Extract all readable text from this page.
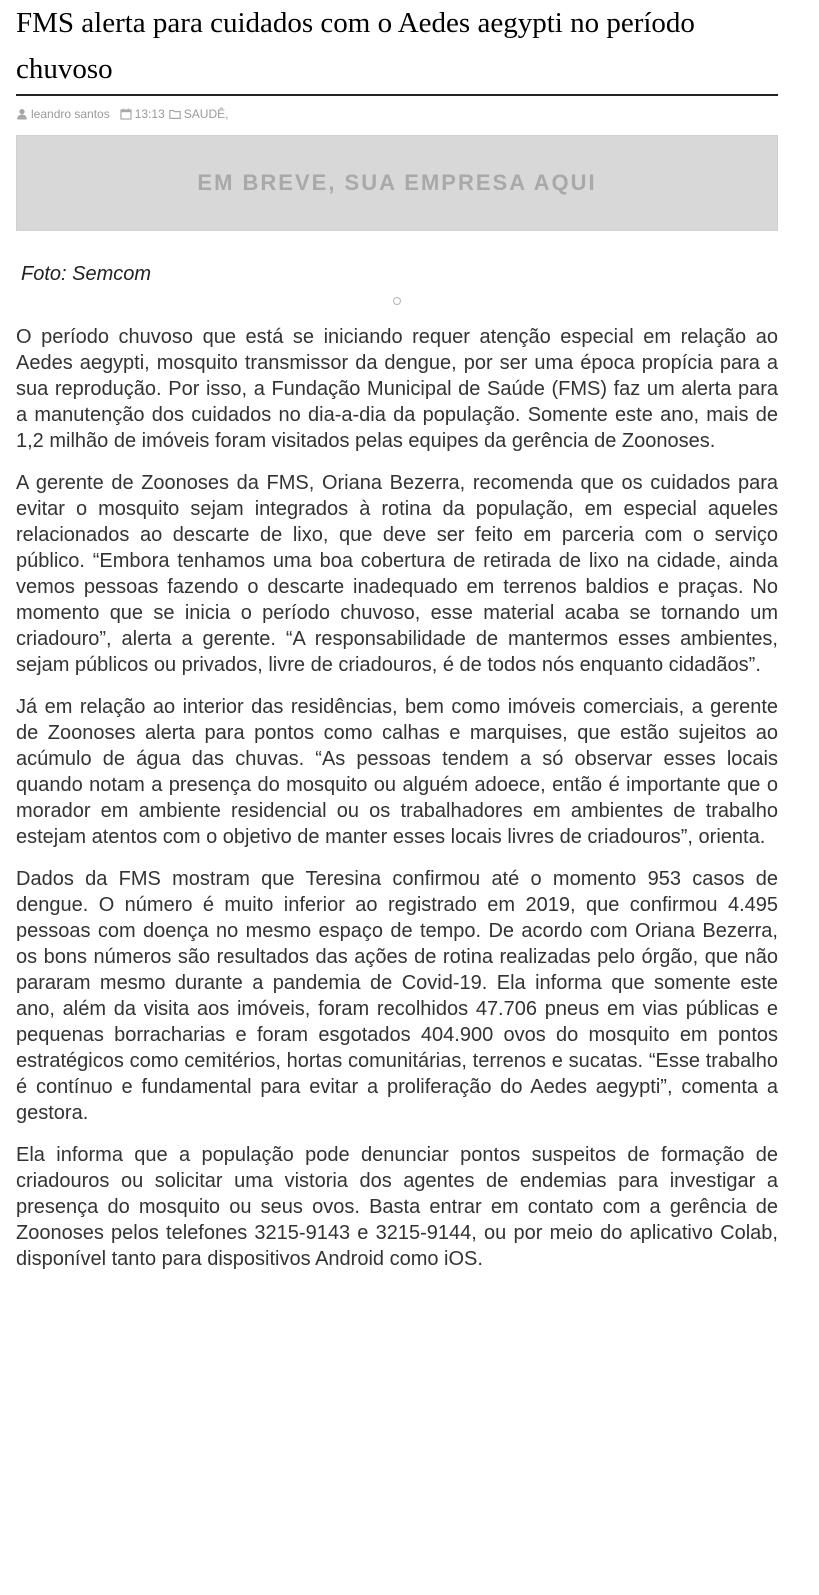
FMS alerta para cuidados com o Aedes aegypti no período chuvoso
leandro santos 13:13 SAUDÊ,
EM BREVE, SUA EMPRESA AQUI
Foto: Semcom

O período chuvoso que está se iniciando requer atenção especial em relação ao Aedes aegypti, mosquito transmissor da dengue, por ser uma época propícia para a sua reprodução. Por isso, a Fundação Municipal de Saúde (FMS) faz um alerta para a manutenção dos cuidados no dia-a-dia da população. Somente este ano, mais de 1,2 milhão de imóveis foram visitados pelas equipes da gerência de Zoonoses.

A gerente de Zoonoses da FMS, Oriana Bezerra, recomenda que os cuidados para evitar o mosquito sejam integrados à rotina da população, em especial aqueles relacionados ao descarte de lixo, que deve ser feito em parceria com o serviço público. “Embora tenhamos uma boa cobertura de retirada de lixo na cidade, ainda vemos pessoas fazendo o descarte inadequado em terrenos baldios e praças. No momento que se inicia o período chuvoso, esse material acaba se tornando um criadouro”, alerta a gerente. “A responsabilidade de mantermos esses ambientes, sejam públicos ou privados, livre de criadouros, é de todos nós enquanto cidadãos”.

Já em relação ao interior das residências, bem como imóveis comerciais, a gerente de Zoonoses alerta para pontos como calhas e marquises, que estão sujeitos ao acúmulo de água das chuvas. “As pessoas tendem a só observar esses locais quando notam a presença do mosquito ou alguém adoece, então é importante que o morador em ambiente residencial ou os trabalhadores em ambientes de trabalho estejam atentos com o objetivo de manter esses locais livres de criadouros”, orienta.

Dados da FMS mostram que Teresina confirmou até o momento 953 casos de dengue. O número é muito inferior ao registrado em 2019, que confirmou 4.495 pessoas com doença no mesmo espaço de tempo. De acordo com Oriana Bezerra, os bons números são resultados das ações de rotina realizadas pelo órgão, que não pararam mesmo durante a pandemia de Covid-19. Ela informa que somente este ano, além da visita aos imóveis, foram recolhidos 47.706 pneus em vias públicas e pequenas borracharias e foram esgotados 404.900 ovos do mosquito em pontos estratégicos como cemitérios, hortas comunitárias, terrenos e sucatas. “Esse trabalho é contínuo e fundamental para evitar a proliferação do Aedes aegypti”, comenta a gestora.

Ela informa que a população pode denunciar pontos suspeitos de formação de criadouros ou solicitar uma vistoria dos agentes de endemias para investigar a presença do mosquito ou seus ovos. Basta entrar em contato com a gerência de Zoonoses pelos telefones 3215-9143 e 3215-9144, ou por meio do aplicativo Colab, disponível tanto para dispositivos Android como iOS.
